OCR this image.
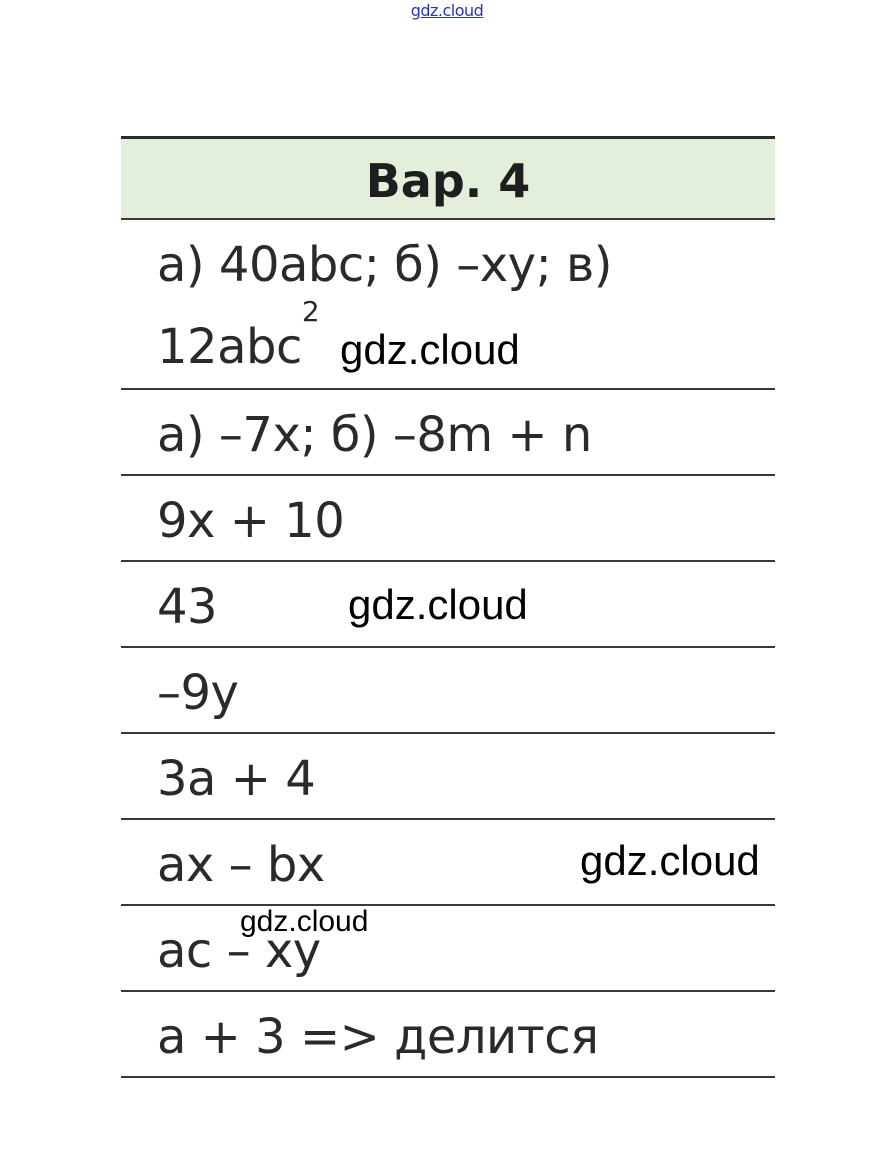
gdz.cloud
Вар. 4
а) 40abc; б) –xy; в)
12abc$^2$
а) –7x; б) –8m + n
9x + 10
43
–9y
3a + 4
ax – bx
ac – xy
a + 3 => делится
gdz.cloud
gdz.cloud
gdz.cloud
gdz.cloud
